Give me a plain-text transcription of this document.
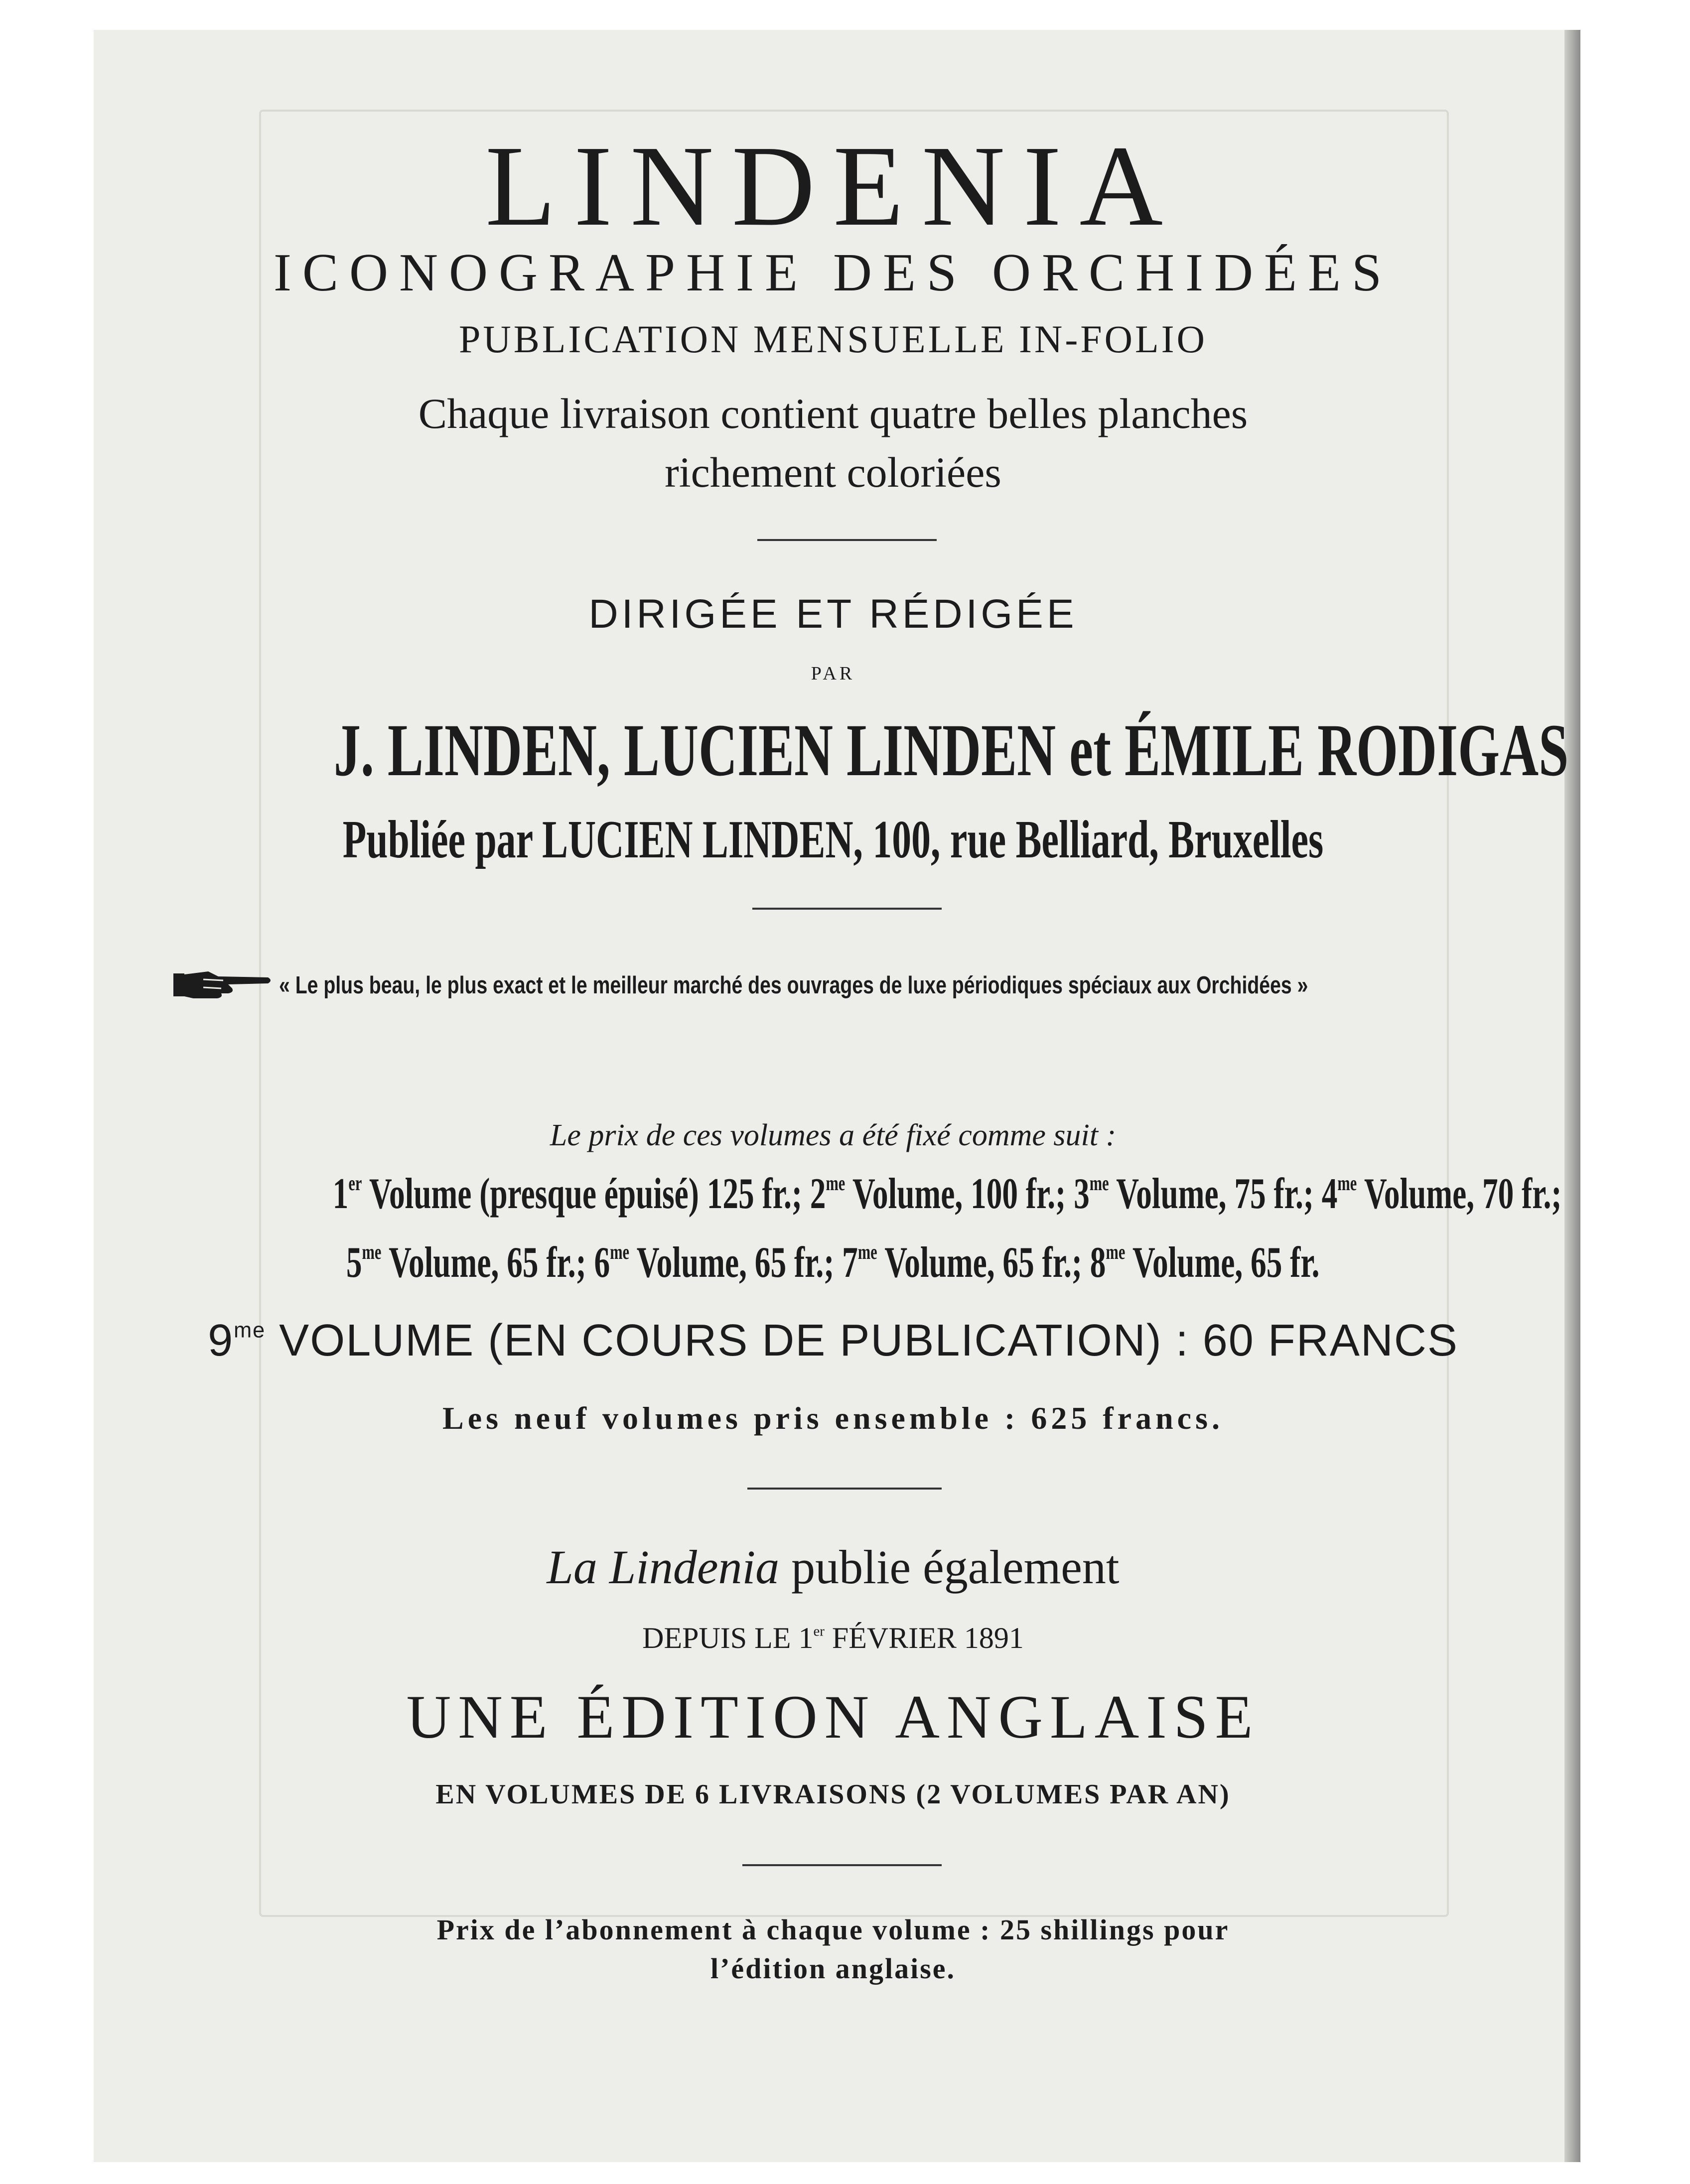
LINDENIA
ICONOGRAPHIE DES ORCHIDÉES
PUBLICATION MENSUELLE IN-FOLIO
Chaque livraison contient quatre belles planches
richement coloriées
DIRIGÉE ET RÉDIGÉE
PAR
J. LINDEN, LUCIEN LINDEN et ÉMILE RODIGAS
Publiée par LUCIEN LINDEN, 100, rue Belliard, Bruxelles
« Le plus beau, le plus exact et le meilleur marché des ouvrages de luxe périodiques spéciaux aux Orchidées »
Le prix de ces volumes a été fixé comme suit :
1er Volume (presque épuisé) 125 fr.; $2^{me}$ Volume, 100 fr.; $3^{me}$ Volume, 75 fr.; $4^{me}$ Volume, 70 fr.;
$5^{me}$ Volume, 65 fr.; $6^{me}$ Volume, 65 fr.; $7^{me}$ Volume, 65 fr.; $8^{me}$ Volume, 65 fr.
$9^{me}$ VOLUME (EN COURS DE PUBLICATION) : 60 FRANCS
Les neuf volumes pris ensemble : 625 francs.
La Lindenia publie également
DEPUIS LE 1er FÉVRIER 1891
UNE ÉDITION ANGLAISE
EN VOLUMES DE 6 LIVRAISONS (2 VOLUMES PAR AN)
Prix de l’abonnement à chaque volume : 25 shillings pour
l’édition anglaise.
